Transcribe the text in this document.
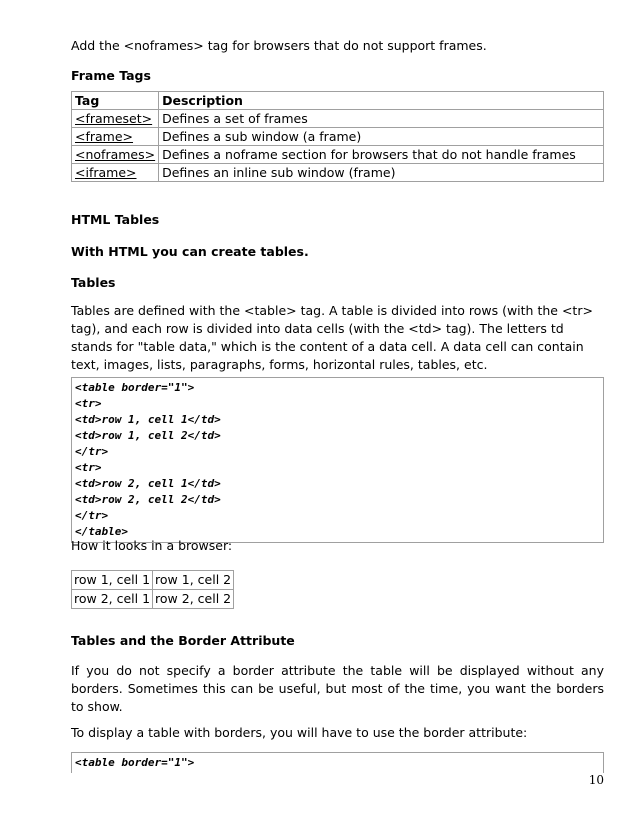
Add the <noframes> tag for browsers that do not support frames.

Frame Tags

Tag	Description
<frameset>	Defines a set of frames
<frame>	Defines a sub window (a frame)
<noframes>	Defines a noframe section for browsers that do not handle frames
<iframe>	Defines an inline sub window (frame)

HTML Tables

With HTML you can create tables.

Tables

Tables are defined with the <table> tag. A table is divided into rows (with the <tr> tag), and each row is divided into data cells (with the <td> tag). The letters td stands for "table data," which is the content of a data cell. A data cell can contain text, images, lists, paragraphs, forms, horizontal rules, tables, etc.

<table border="1">
<tr>
<td>row 1, cell 1</td>
<td>row 1, cell 2</td>
</tr>
<tr>
<td>row 2, cell 1</td>
<td>row 2, cell 2</td>
</tr>
</table>

How it looks in a browser:

row 1, cell 1	row 1, cell 2
row 2, cell 1	row 2, cell 2

Tables and the Border Attribute

If you do not specify a border attribute the table will be displayed without any borders. Sometimes this can be useful, but most of the time, you want the borders to show.

To display a table with borders, you will have to use the border attribute:

<table border="1">
10
